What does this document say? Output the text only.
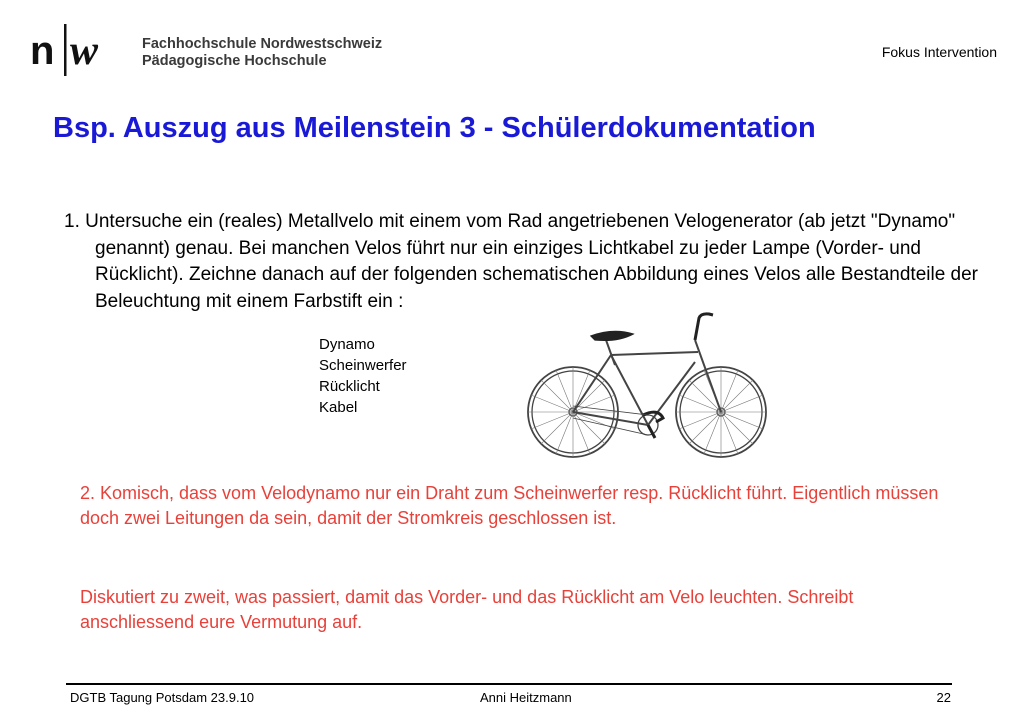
n w	Fachhochschule Nordwestschweiz
Pädagogische Hochschule
Fokus Intervention
Bsp. Auszug aus Meilenstein 3 - Schülerdokumentation
1. Untersuche ein (reales) Metallvelo mit einem vom Rad angetriebenen Velogenerator (ab jetzt "Dynamo" genannt) genau. Bei manchen Velos führt nur ein einziges Lichtkabel zu jeder Lampe (Vorder- und Rücklicht). Zeichne danach auf der folgenden schematischen Abbildung eines Velos alle Bestandteile der Beleuchtung mit einem Farbstift ein :
Dynamo
Scheinwerfer
Rücklicht
Kabel
2. Komisch, dass vom Velodynamo nur ein Draht zum Scheinwerfer resp. Rücklicht führt. Eigentlich müssen doch zwei Leitungen da sein, damit der Stromkreis geschlossen ist.
Diskutiert zu zweit, was passiert, damit das Vorder- und das Rücklicht am Velo leuchten. Schreibt anschliessend eure Vermutung auf.
DGTB Tagung Potsdam 23.9.10	Anni Heitzmann	22
